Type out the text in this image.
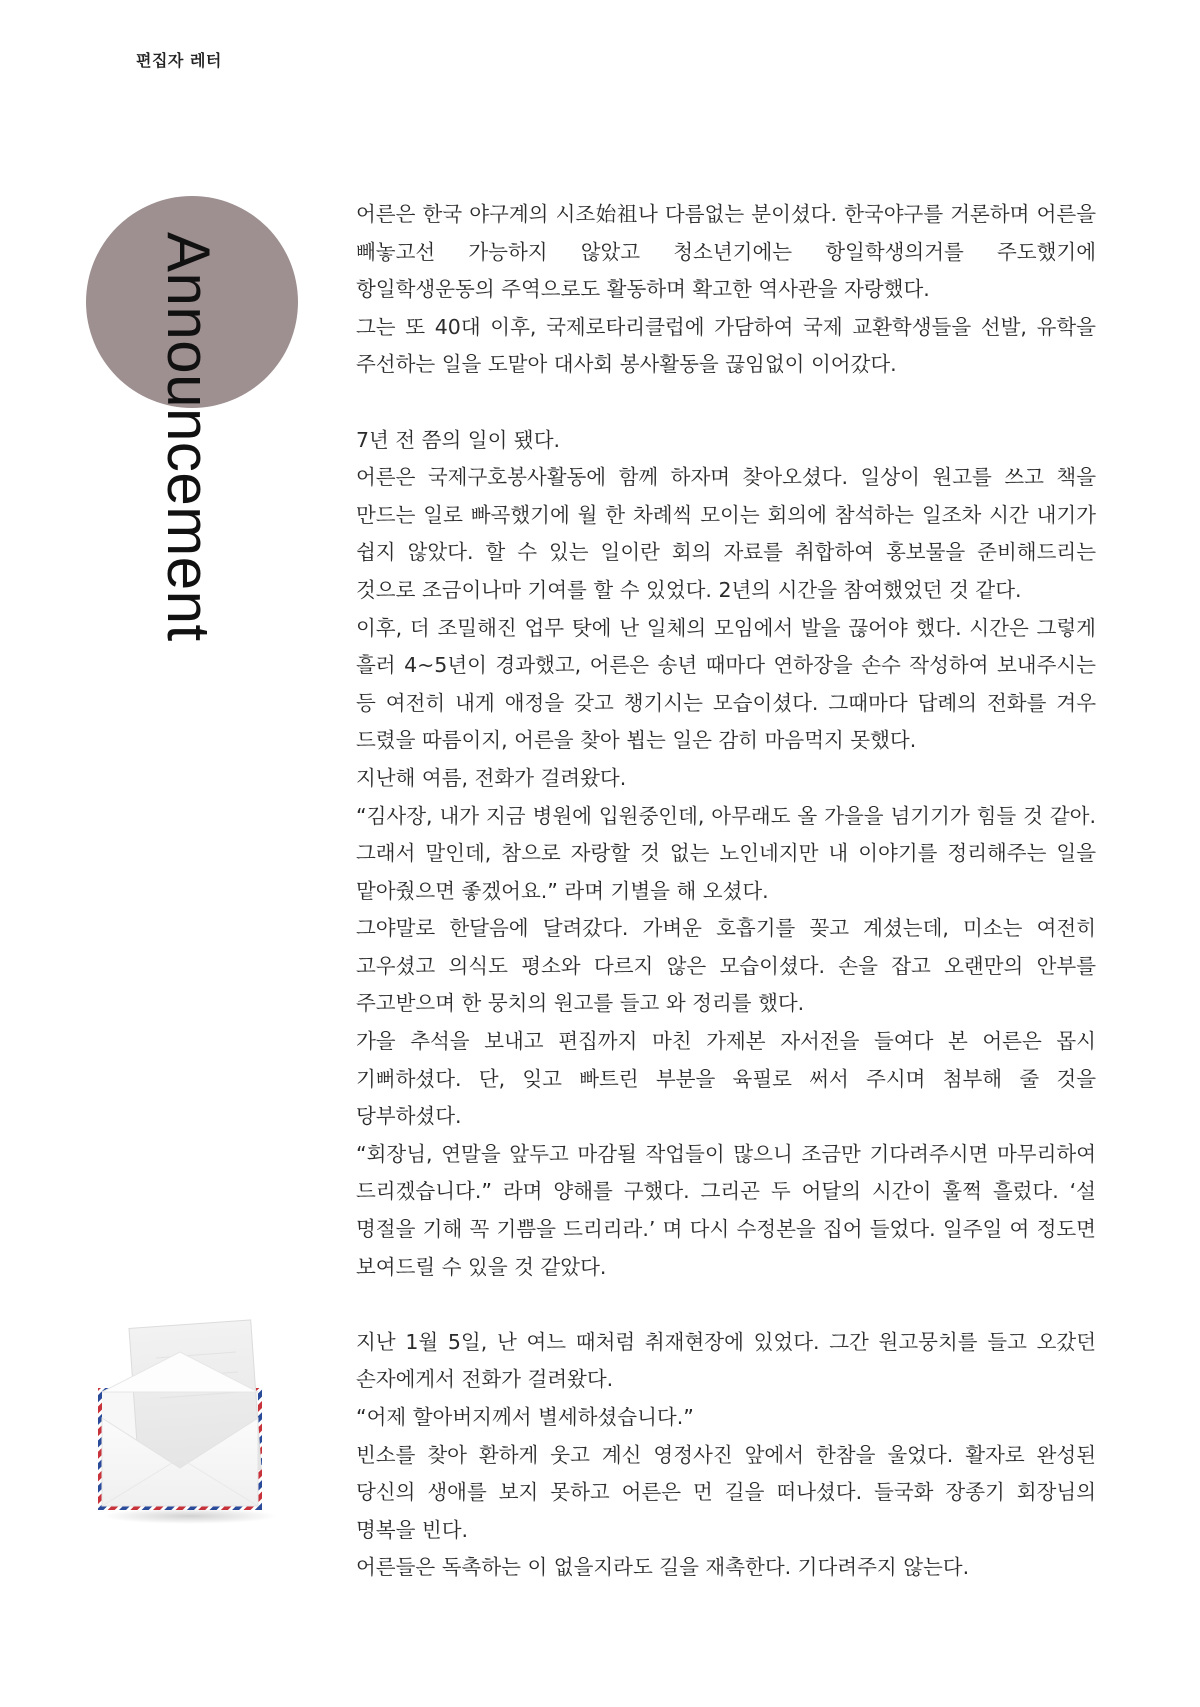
편집자 레터
Announcement

어른은 한국 야구계의 시조始祖나 다름없는 분이셨다. 한국야구를 거론하며 어른을 빼놓고선 가능하지 않았고 청소년기에는 항일학생의거를 주도했기에 항일학생운동의 주역으로도 활동하며 확고한 역사관을 자랑했다.

그는 또 40대 이후, 국제로타리클럽에 가담하여 국제 교환학생들을 선발, 유학을 주선하는 일을 도맡아 대사회 봉사활동을 끊임없이 이어갔다.

7년 전 쯤의 일이 됐다.

어른은 국제구호봉사활동에 함께 하자며 찾아오셨다. 일상이 원고를 쓰고 책을 만드는 일로 빠곡했기에 월 한 차례씩 모이는 회의에 참석하는 일조차 시간 내기가 쉽지 않았다. 할 수 있는 일이란 회의 자료를 취합하여 홍보물을 준비해드리는 것으로 조금이나마 기여를 할 수 있었다. 2년의 시간을 참여했었던 것 같다.

이후, 더 조밀해진 업무 탓에 난 일체의 모임에서 발을 끊어야 했다. 시간은 그렇게 흘러 4~5년이 경과했고, 어른은 송년 때마다 연하장을 손수 작성하여 보내주시는 등 여전히 내게 애정을 갖고 챙기시는 모습이셨다. 그때마다 답례의 전화를 겨우 드렸을 따름이지, 어른을 찾아 뵙는 일은 감히 마음먹지 못했다.

지난해 여름, 전화가 걸려왔다.

“김사장, 내가 지금 병원에 입원중인데, 아무래도 올 가을을 넘기기가 힘들 것 같아. 그래서 말인데, 참으로 자랑할 것 없는 노인네지만 내 이야기를 정리해주는 일을 맡아줬으면 좋겠어요.” 라며 기별을 해 오셨다.

그야말로 한달음에 달려갔다. 가벼운 호흡기를 꽂고 계셨는데, 미소는 여전히 고우셨고 의식도 평소와 다르지 않은 모습이셨다. 손을 잡고 오랜만의 안부를 주고받으며 한 뭉치의 원고를 들고 와 정리를 했다.

가을 추석을 보내고 편집까지 마친 가제본 자서전을 들여다 본 어른은 몹시 기뻐하셨다. 단, 잊고 빠트린 부분을 육필로 써서 주시며 첨부해 줄 것을 당부하셨다.

“회장님, 연말을 앞두고 마감될 작업들이 많으니 조금만 기다려주시면 마무리하여 드리겠습니다.” 라며 양해를 구했다. 그리곤 두 어달의 시간이 훌쩍 흘렀다. ‘설 명절을 기해 꼭 기쁨을 드리리라.’ 며 다시 수정본을 집어 들었다. 일주일 여 정도면 보여드릴 수 있을 것 같았다.

지난 1월 5일, 난 여느 때처럼 취재현장에 있었다. 그간 원고뭉치를 들고 오갔던 손자에게서 전화가 걸려왔다.

“어제 할아버지께서 별세하셨습니다.”

빈소를 찾아 환하게 웃고 계신 영정사진 앞에서 한참을 울었다. 활자로 완성된 당신의 생애를 보지 못하고 어른은 먼 길을 떠나셨다. 들국화 장종기 회장님의 명복을 빈다.

어른들은 독촉하는 이 없을지라도 길을 재촉한다. 기다려주지 않는다.
